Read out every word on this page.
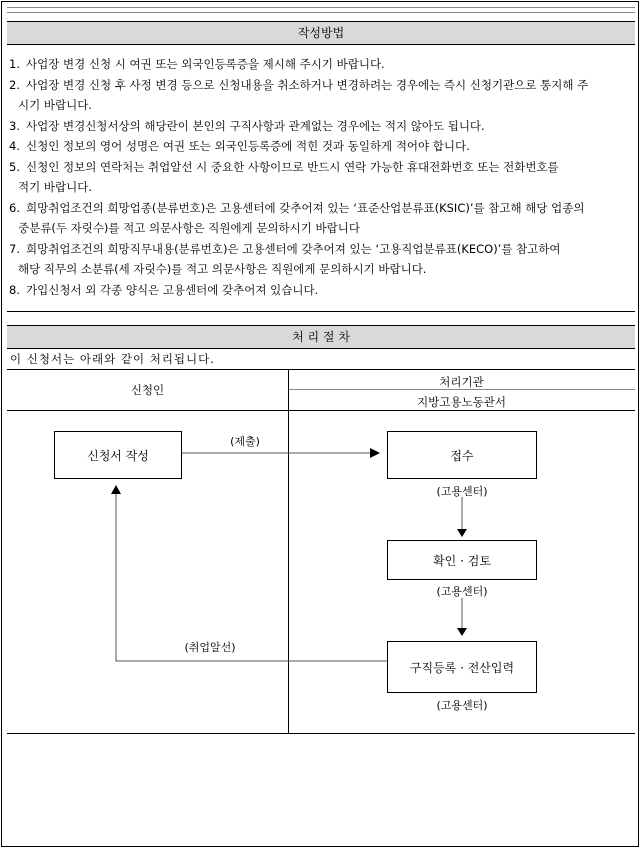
작성방법
1. 사업장 변경 신청 시 여권 또는 외국인등록증을 제시해 주시기 바랍니다.
2. 사업장 변경 신청 후 사정 변경 등으로 신청내용을 취소하거나 변경하려는 경우에는 즉시 신청기관으로 통지해 주
시기 바랍니다.
3. 사업장 변경신청서상의 해당란이 본인의 구직사항과 관계없는 경우에는 적지 않아도 됩니다.
4. 신청인 정보의 영어 성명은 여권 또는 외국인등록증에 적힌 것과 동일하게 적어야 합니다.
5. 신청인 정보의 연락처는 취업알선 시 중요한 사항이므로 반드시 연락 가능한 휴대전화번호 또는 전화번호를
적기 바랍니다.
6. 희망취업조건의 희망업종(분류번호)은 고용센터에 갖추어져 있는 ‘표준산업분류표(KSIC)’를 참고해 해당 업종의
중분류(두 자릿수)를 적고 의문사항은 직원에게 문의하시기 바랍니다
7. 희망취업조건의 희망직무내용(분류번호)은 고용센터에 갖추어져 있는 ‘고용직업분류표(KECO)’를 참고하여
해당 직무의 소분류(세 자릿수)를 적고 의문사항은 직원에게 문의하시기 바랍니다.
8. 가입신청서 외 각종 양식은 고용센터에 갖추어져 있습니다.
처 리 절 차
이 신청서는 아래와 같이 처리됩니다.
신청인
처리기관
지방고용노동관서
신청서 작성
(제출)
접수
(고용센터)
확인 · 검토
(고용센터)
구직등록 · 전산입력
(고용센터)
(취업알선)
